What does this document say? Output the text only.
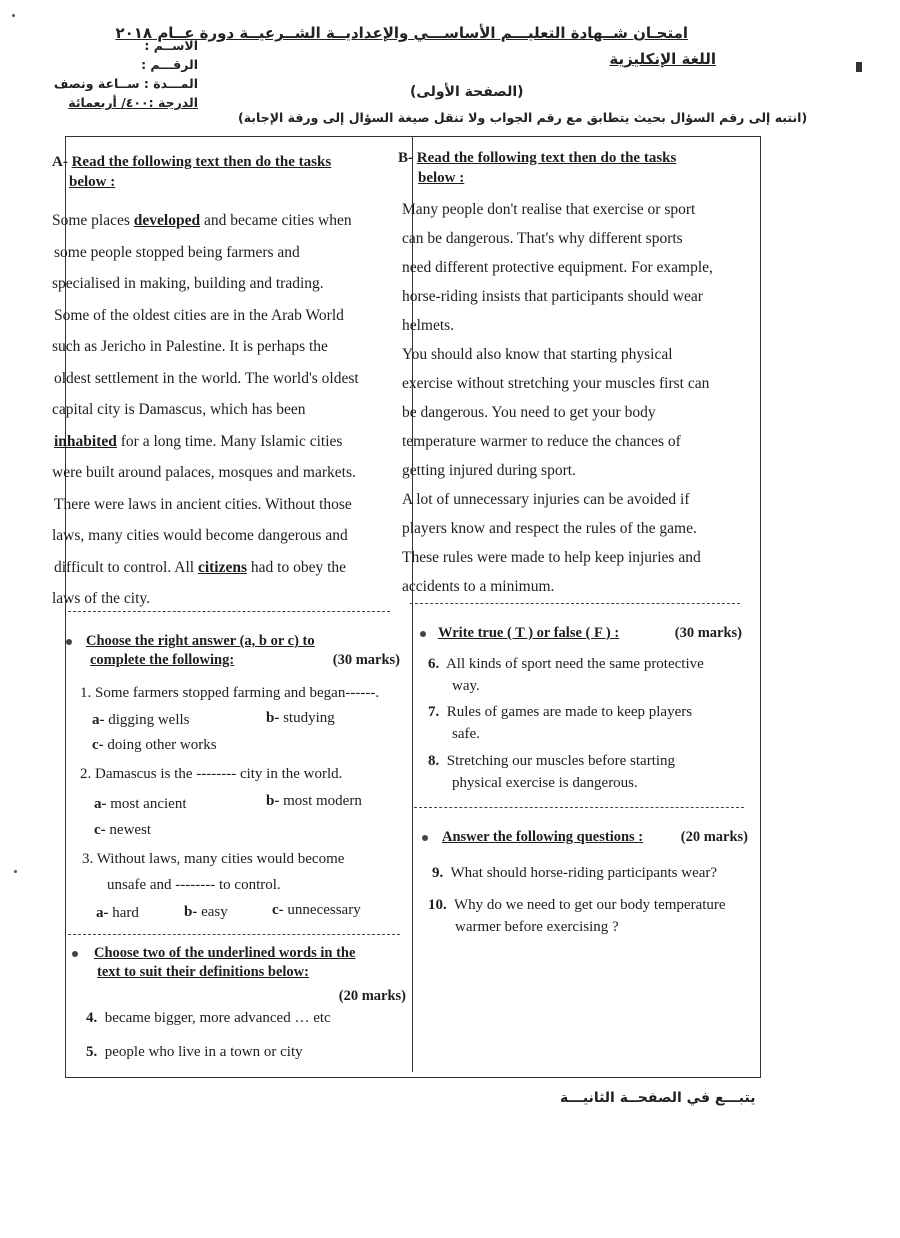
امتحـان شــهادة التعليـــم الأساســـي والإعداديــة الشــرعيــة دورة عــام ٢٠١٨
اللغة الإنكليزية
(الصفحة الأولى)
(انتبه إلى رقم السؤال بحيث يتطابق مع رقم الجواب ولا تنقل صيغة السؤال إلى ورقة الإجابة)
الاســم :
الرقـــم :
المـــدة : ســاعة ونصف
الدرجة :٤٠٠/ أربعمائة
A- Read the following text then do the tasks
below :
Some places developed and became cities when
some people stopped being farmers and
specialised in making, building and trading.
Some of the oldest cities are in the Arab World
such as Jericho in Palestine. It is perhaps the
oldest settlement in the world. The world's oldest
capital city is Damascus, which has been
inhabited for a long time. Many Islamic cities
were built around palaces, mosques and markets.
There were laws in ancient cities. Without those
laws, many cities would become dangerous and
difficult to control. All citizens had to obey the
laws of the city.
Choose the right answer (a, b or c) to
complete the following:	(30 marks)
1. Some farmers stopped farming and began------.
a- digging wells	b- studying
c- doing other works
2. Damascus is the -------- city in the world.
a- most ancient	b- most modern
c- newest
3. Without laws, many cities would become
unsafe and -------- to control.
a- hard	b- easy	c- unnecessary
Choose two of the underlined words in the
text to suit their definitions below:
(20 marks)
4. became bigger, more advanced … etc
5. people who live in a town or city
B- Read the following text then do the tasks
below :
Many people don't realise that exercise or sport
can be dangerous. That's why different sports
need different protective equipment. For example,
horse-riding insists that participants should wear
helmets.
You should also know that starting physical
exercise without stretching your muscles first can
be dangerous. You need to get your body
temperature warmer to reduce the chances of
getting injured during sport.
A lot of unnecessary injuries can be avoided if
players know and respect the rules of the game.
These rules were made to help keep injuries and
accidents to a minimum.
Write true ( T ) or false ( F ) :	(30 marks)
6. All kinds of sport need the same protective
way.
7. Rules of games are made to keep players
safe.
8. Stretching our muscles before starting
physical exercise is dangerous.
Answer the following questions :	(20 marks)
9. What should horse-riding participants wear?
10. Why do we need to get our body temperature
warmer before exercising ?
يتبـــع في الصفحــة الثانيـــة
